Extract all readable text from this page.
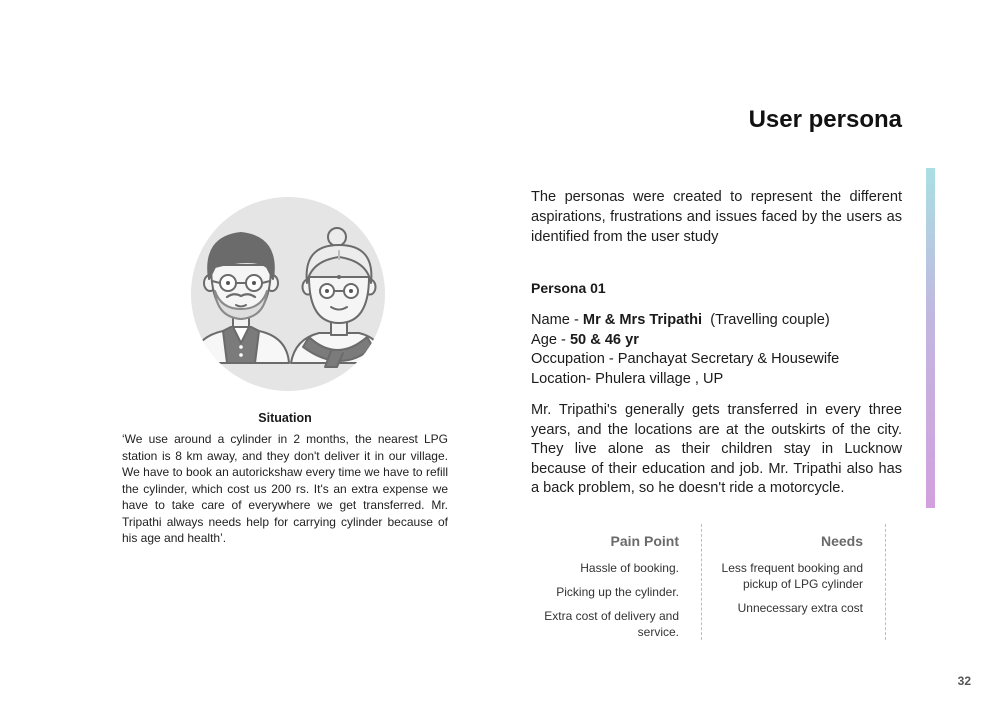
User persona
Situation
‘We use around a cylinder in 2 months, the nearest LPG station is 8 km away, and they don't deliver it in our village. We have to book an autorickshaw every time we have to refill the cylinder, which cost us 200 rs. It's an extra expense we have to take care of everywhere we get transferred. Mr. Tripathi always needs help for carrying cylinder because of his age and health’.
The personas were created to represent the different aspirations, frustrations and issues faced by the users as identified from the user study
Persona 01
Name - Mr & Mrs Tripathi (Travelling couple)
Age - 50 & 46 yr
Occupation - Panchayat Secretary & Housewife
Location- Phulera village , UP
Mr. Tripathi's generally gets transferred in every three years, and the locations are at the outskirts of the city. They live alone as their children stay in Lucknow because of their education and job. Mr. Tripathi also has a back problem, so he doesn't ride a motorcycle.
Pain Point
Hassle of booking.
Picking up the cylinder.
Extra cost of delivery and service.
Needs
Less frequent booking and pickup of LPG cylinder
Unnecessary extra cost
32
